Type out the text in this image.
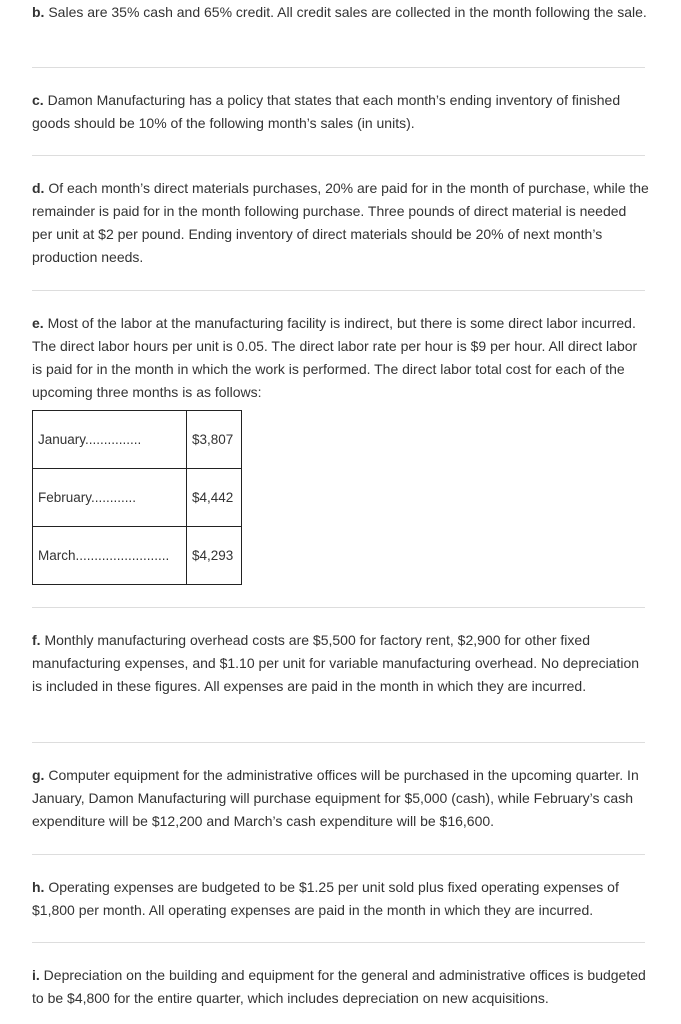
b. Sales are 35% cash and 65% credit. All credit sales are collected in the month following the sale.

c. Damon Manufacturing has a policy that states that each month’s ending inventory of finished goods should be 10% of the following month’s sales (in units).

d. Of each month’s direct materials purchases, 20% are paid for in the month of purchase, while the remainder is paid for in the month following purchase. Three pounds of direct material is needed per unit at $2 per pound. Ending inventory of direct materials should be 20% of next month’s production needs.

e. Most of the labor at the manufacturing facility is indirect, but there is some direct labor incurred. The direct labor hours per unit is 0.05. The direct labor rate per hour is $9 per hour. All direct labor is paid for in the month in which the work is performed. The direct labor total cost for each of the upcoming three months is as follows:

January...............	$3,807
February............	$4,442
March.........................	$4,293

f. Monthly manufacturing overhead costs are $5,500 for factory rent, $2,900 for other fixed manufacturing expenses, and $1.10 per unit for variable manufacturing overhead. No depreciation is included in these figures. All expenses are paid in the month in which they are incurred.

g. Computer equipment for the administrative offices will be purchased in the upcoming quarter. In January, Damon Manufacturing will purchase equipment for $5,000 (cash), while February’s cash expenditure will be $12,200 and March’s cash expenditure will be $16,600.

h. Operating expenses are budgeted to be $1.25 per unit sold plus fixed operating expenses of $1,800 per month. All operating expenses are paid in the month in which they are incurred.

i. Depreciation on the building and equipment for the general and administrative offices is budgeted to be $4,800 for the entire quarter, which includes depreciation on new acquisitions.
